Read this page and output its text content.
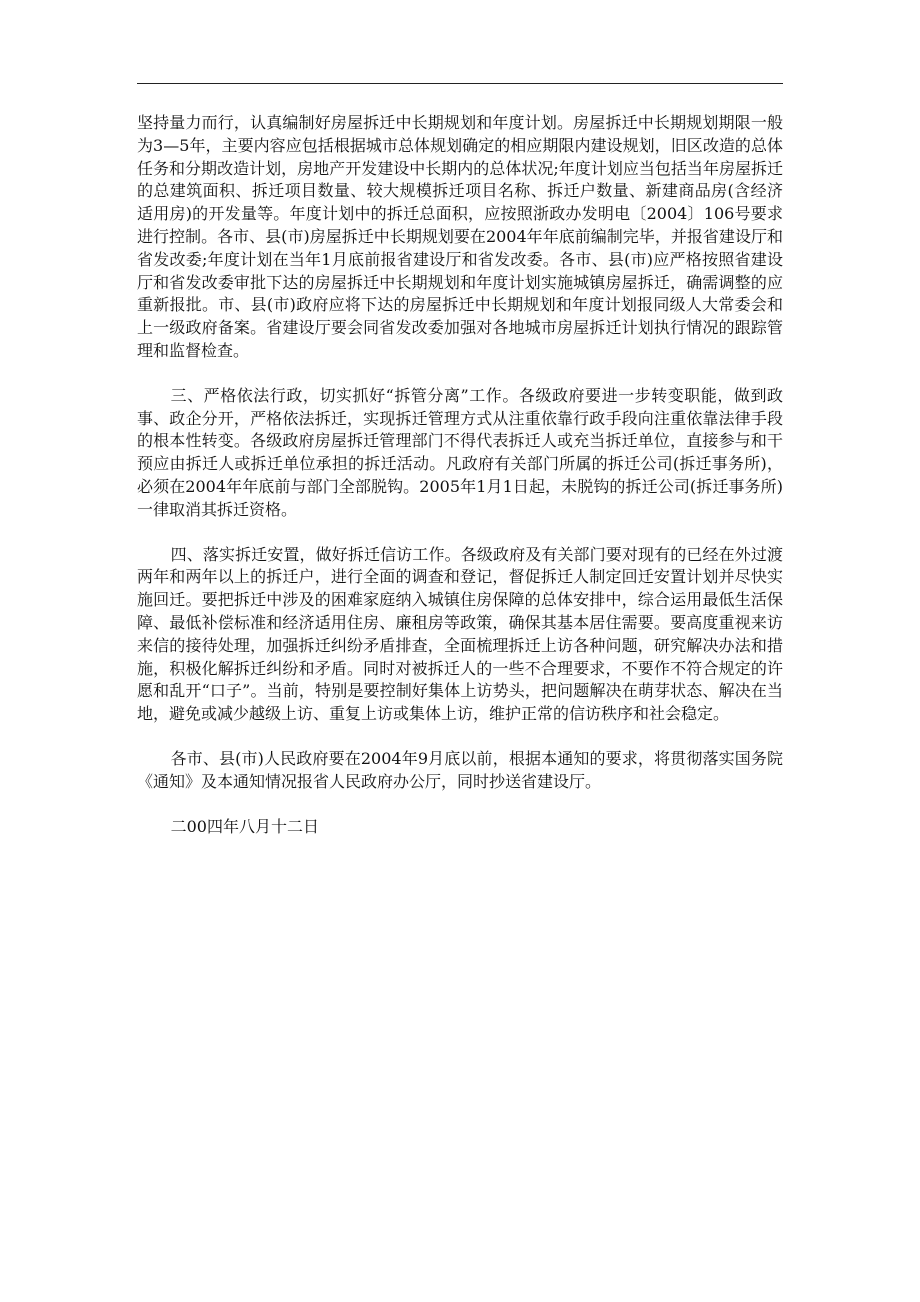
坚持量力而行，认真编制好房屋拆迁中长期规划和年度计划。房屋拆迁中长期规划期限一般为3—5年，主要内容应包括根据城市总体规划确定的相应期限内建设规划，旧区改造的总体任务和分期改造计划，房地产开发建设中长期内的总体状况;年度计划应当包括当年房屋拆迁的总建筑面积、拆迁项目数量、较大规模拆迁项目名称、拆迁户数量、新建商品房(含经济适用房)的开发量等。年度计划中的拆迁总面积，应按照浙政办发明电〔2004〕106号要求进行控制。各市、县(市)房屋拆迁中长期规划要在2004年年底前编制完毕，并报省建设厅和省发改委;年度计划在当年1月底前报省建设厅和省发改委。各市、县(市)应严格按照省建设厅和省发改委审批下达的房屋拆迁中长期规划和年度计划实施城镇房屋拆迁，确需调整的应重新报批。市、县(市)政府应将下达的房屋拆迁中长期规划和年度计划报同级人大常委会和上一级政府备案。省建设厅要会同省发改委加强对各地城市房屋拆迁计划执行情况的跟踪管理和监督检查。

三、严格依法行政，切实抓好“拆管分离”工作。各级政府要进一步转变职能，做到政事、政企分开，严格依法拆迁，实现拆迁管理方式从注重依靠行政手段向注重依靠法律手段的根本性转变。各级政府房屋拆迁管理部门不得代表拆迁人或充当拆迁单位，直接参与和干预应由拆迁人或拆迁单位承担的拆迁活动。凡政府有关部门所属的拆迁公司(拆迁事务所)，必须在2004年年底前与部门全部脱钩。2005年1月1日起，未脱钩的拆迁公司(拆迁事务所)一律取消其拆迁资格。

四、落实拆迁安置，做好拆迁信访工作。各级政府及有关部门要对现有的已经在外过渡两年和两年以上的拆迁户，进行全面的调查和登记，督促拆迁人制定回迁安置计划并尽快实施回迁。要把拆迁中涉及的困难家庭纳入城镇住房保障的总体安排中，综合运用最低生活保障、最低补偿标准和经济适用住房、廉租房等政策，确保其基本居住需要。要高度重视来访来信的接待处理，加强拆迁纠纷矛盾排查，全面梳理拆迁上访各种问题，研究解决办法和措施，积极化解拆迁纠纷和矛盾。同时对被拆迁人的一些不合理要求，不要作不符合规定的许愿和乱开“口子”。当前，特别是要控制好集体上访势头，把问题解决在萌芽状态、解决在当地，避免或减少越级上访、重复上访或集体上访，维护正常的信访秩序和社会稳定。

各市、县(市)人民政府要在2004年9月底以前，根据本通知的要求，将贯彻落实国务院《通知》及本通知情况报省人民政府办公厅，同时抄送省建设厅。

二00四年八月十二日
